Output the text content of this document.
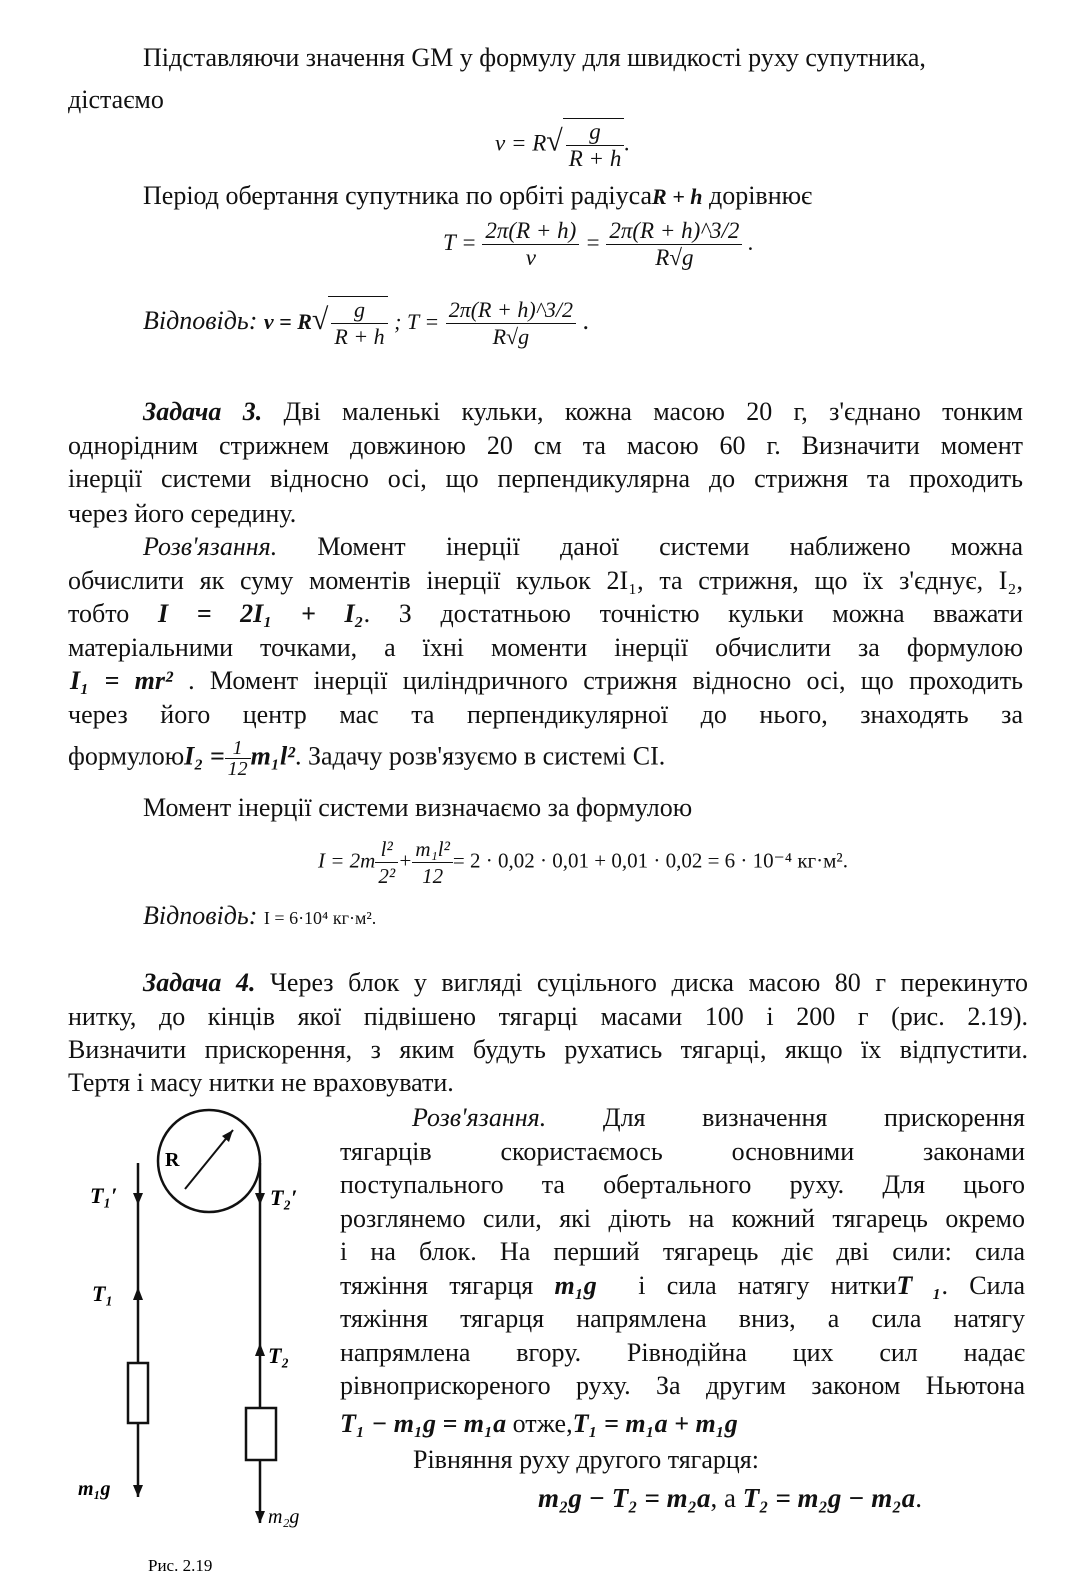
Підставляючи значення GM у формулу для швидкості руху супутника,
дістаємо
$v = R√ \frac{g}{R + h}$ .
Період обертання супутника по орбіті радіусаR + h дорівнює
$T = \frac{2\pi(R + h)}{v} = \frac{2\pi(R + h)\^{}3/2}{R√g}$ .
Відповідь: $v = R√ \frac{g}{R + h}$ ; $T = \frac{2\pi(R + h)\^{}3/2}{R√g}$ .
Задача 3. Дві маленькі кульки, кожна масою 20 г, з'єднано тонким
однорідним стрижнем довжиною 20 см та масою 60 г. Визначити момент
інерції системи відносно осі, що перпендикулярна до стрижня та проходить
через його середину.
Розв'язання. Момент інерції даної системи наближено можна
обчислити як суму моментів інерції кульок 2I₁, та стрижня, що їх з'єднує, I₂,
тобто I = 2I₁ + I₂. З достатньою точністю кульки можна вважати
матеріальними точками, а їхні моменти інерції обчислити за формулою
I₁ = mr² . Момент інерції циліндричного стрижня відносно осі, що проходить
через його центр мас та перпендикулярної до нього, знаходять за
формулоюI₂ = $\frac{1}{12} m_1l^2$. Задачу розв'язуємо в системі СІ.
Момент інерції системи визначаємо за формулою
$I = 2m \frac{\text{l²}}{\text{2²}} + \frac{\text{m₁l²}}{12} = 2 \cdot 0,02 \cdot 0,01 + 0,01 \cdot 0,02 = 6 \cdot 10^{-4}$ кг·м².
Відповідь: I = 6·10⁴ кг·м².
Задача 4. Через блок у вигляді суцільного диска масою 80 г перекинуто
нитку, до кінців якої підвішено тягарці масами 100 і 200 г (рис. 2.19).
Визначити прискорення, з яким будуть рухатись тягарці, якщо їх відпустити.
Тертя і масу нитки не враховувати.
Розв'язання. Для визначення прискорення
тягарців скористаємось основними законами
поступального та обертального руху. Для цього
розглянемо сили, які діють на кожний тягарець окремо
і на блок. На перший тягарець діє дві сили: сила
тяжіння тягарця m₁g⃗ і сила натягу ниткиT⃗₁. Сила
тяжіння тягарця напрямлена вниз, а сила натягу
напрямлена вгору. Рівнодійна цих сил надає
рівноприскореного руху. За другим законом Ньютона
T₁ − m₁g = m₁a отже,T₁ = m₁a + m₁g
Рівняння руху другого тягарця:
m₂g − T₂ = m₂a, а T₂ = m₂g − m₂a.
R
T₁′	T₂′
T₁
T₂
m₁g
m₂g
Рис. 2.19
